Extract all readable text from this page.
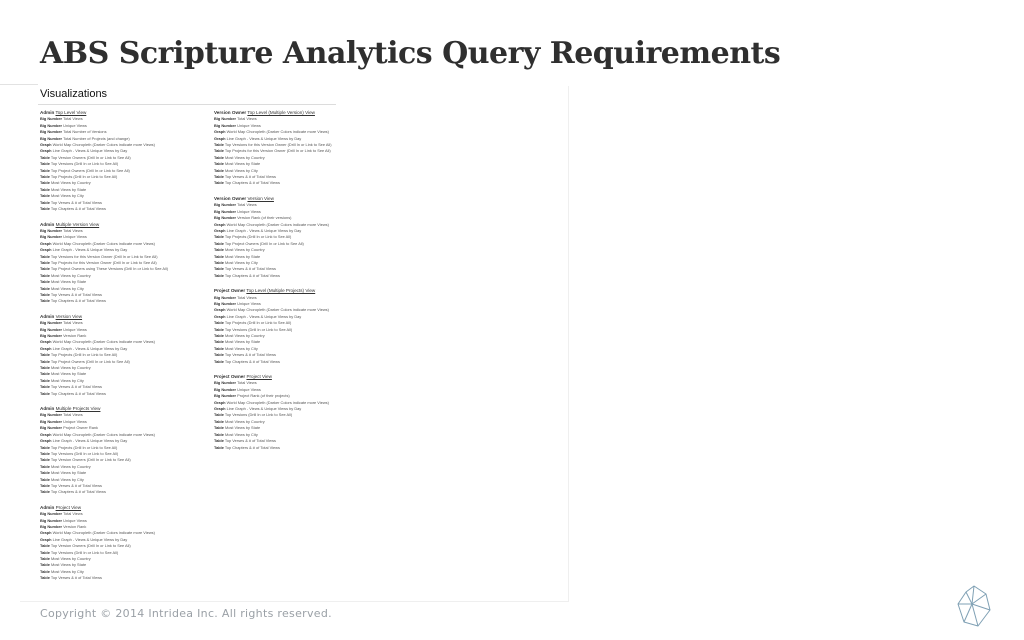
ABS Scripture Analytics Query Requirements
Visualizations
Admin Top Level View
Big Number Total Views
Big Number Unique Views
Big Number Total Number of Versions
Big Number Total Number of Projects (and change)
Graph World Map Choropleth (Darker Colors indicate more Views)
Graph Line Graph - Views & Unique Views by Day
Table Top Version Owners (Drill In or Link to See All)
Table Top Versions (Drill In or Link to See All)
Table Top Project Owners (Drill In or Link to See All)
Table Top Projects (Drill In or Link to See All)
Table Most Views by Country
Table Most Views by State
Table Most Views by City
Table Top Verses & # of Total Views
Table Top Chapters & # of Total Views
Admin Multiple Version View
Big Number Total Views
Big Number Unique Views
Graph World Map Choropleth (Darker Colors indicate more Views)
Graph Line Graph - Views & Unique Views by Day
Table Top Versions for this Version Owner (Drill In or Link to See All)
Table Top Projects for this Version Owner (Drill In or Link to See All)
Table Top Project Owners using These Versions (Drill In or Link to See All)
Table Most Views by Country
Table Most Views by State
Table Most Views by City
Table Top Verses & # of Total Views
Table Top Chapters & # of Total Views
Admin Version View
Big Number Total Views
Big Number Unique Views
Big Number Version Rank
Graph World Map Choropleth (Darker Colors indicate more Views)
Graph Line Graph - Views & Unique Views by Day
Table Top Projects (Drill In or Link to See All)
Table Top Project Owners (Drill In or Link to See All)
Table Most Views by Country
Table Most Views by State
Table Most Views by City
Table Top Verses & # of Total Views
Table Top Chapters & # of Total Views
Admin Multiple Projects View
Big Number Total Views
Big Number Unique Views
Big Number Project Owner Rank
Graph World Map Choropleth (Darker Colors indicate more Views)
Graph Line Graph - Views & Unique Views by Day
Table Top Projects (Drill In or Link to See All)
Table Top Versions (Drill In or Link to See All)
Table Top Version Owners (Drill In or Link to See All)
Table Most Views by Country
Table Most Views by State
Table Most Views by City
Table Top Verses & # of Total Views
Table Top Chapters & # of Total Views
Admin Project View
Big Number Total Views
Big Number Unique Views
Big Number Version Rank
Graph World Map Choropleth (Darker Colors indicate more Views)
Graph Line Graph - Views & Unique Views by Day
Table Top Version Owners (Drill In or Link to See All)
Table Top Versions (Drill In or Link to See All)
Table Most Views by Country
Table Most Views by State
Table Most Views by City
Table Top Verses & # of Total Views
Version Owner Top Level (Multiple Version) View
Big Number Total Views
Big Number Unique Views
Graph World Map Choropleth (Darker Colors indicate more Views)
Graph Line Graph - Views & Unique Views by Day
Table Top Versions for this Version Owner (Drill In or Link to See All)
Table Top Projects for this Version Owner (Drill In or Link to See All)
Table Most Views by Country
Table Most Views by State
Table Most Views by City
Table Top Verses & # of Total Views
Table Top Chapters & # of Total Views
Version Owner Version View
Big Number Total Views
Big Number Unique Views
Big Number Version Rank (of their versions)
Graph World Map Choropleth (Darker Colors indicate more Views)
Graph Line Graph - Views & Unique Views by Day
Table Top Projects (Drill In or Link to See All)
Table Top Project Owners (Drill In or Link to See All)
Table Most Views by Country
Table Most Views by State
Table Most Views by City
Table Top Verses & # of Total Views
Table Top Chapters & # of Total Views
Project Owner Top Level (Multiple Projects) View
Big Number Total Views
Big Number Unique Views
Graph World Map Choropleth (Darker Colors indicate more Views)
Graph Line Graph - Views & Unique Views by Day
Table Top Projects (Drill In or Link to See All)
Table Top Versions (Drill In or Link to See All)
Table Most Views by Country
Table Most Views by State
Table Most Views by City
Table Top Verses & # of Total Views
Table Top Chapters & # of Total Views
Project Owner Project View
Big Number Total Views
Big Number Unique Views
Big Number Project Rank (of their projects)
Graph World Map Choropleth (Darker Colors indicate more Views)
Graph Line Graph - Views & Unique Views by Day
Table Top Versions (Drill In or Link to See All)
Table Most Views by Country
Table Most Views by State
Table Most Views by City
Table Top Verses & # of Total Views
Table Top Chapters & # of Total Views

Copyright © 2014 Intridea Inc. All rights reserved.
